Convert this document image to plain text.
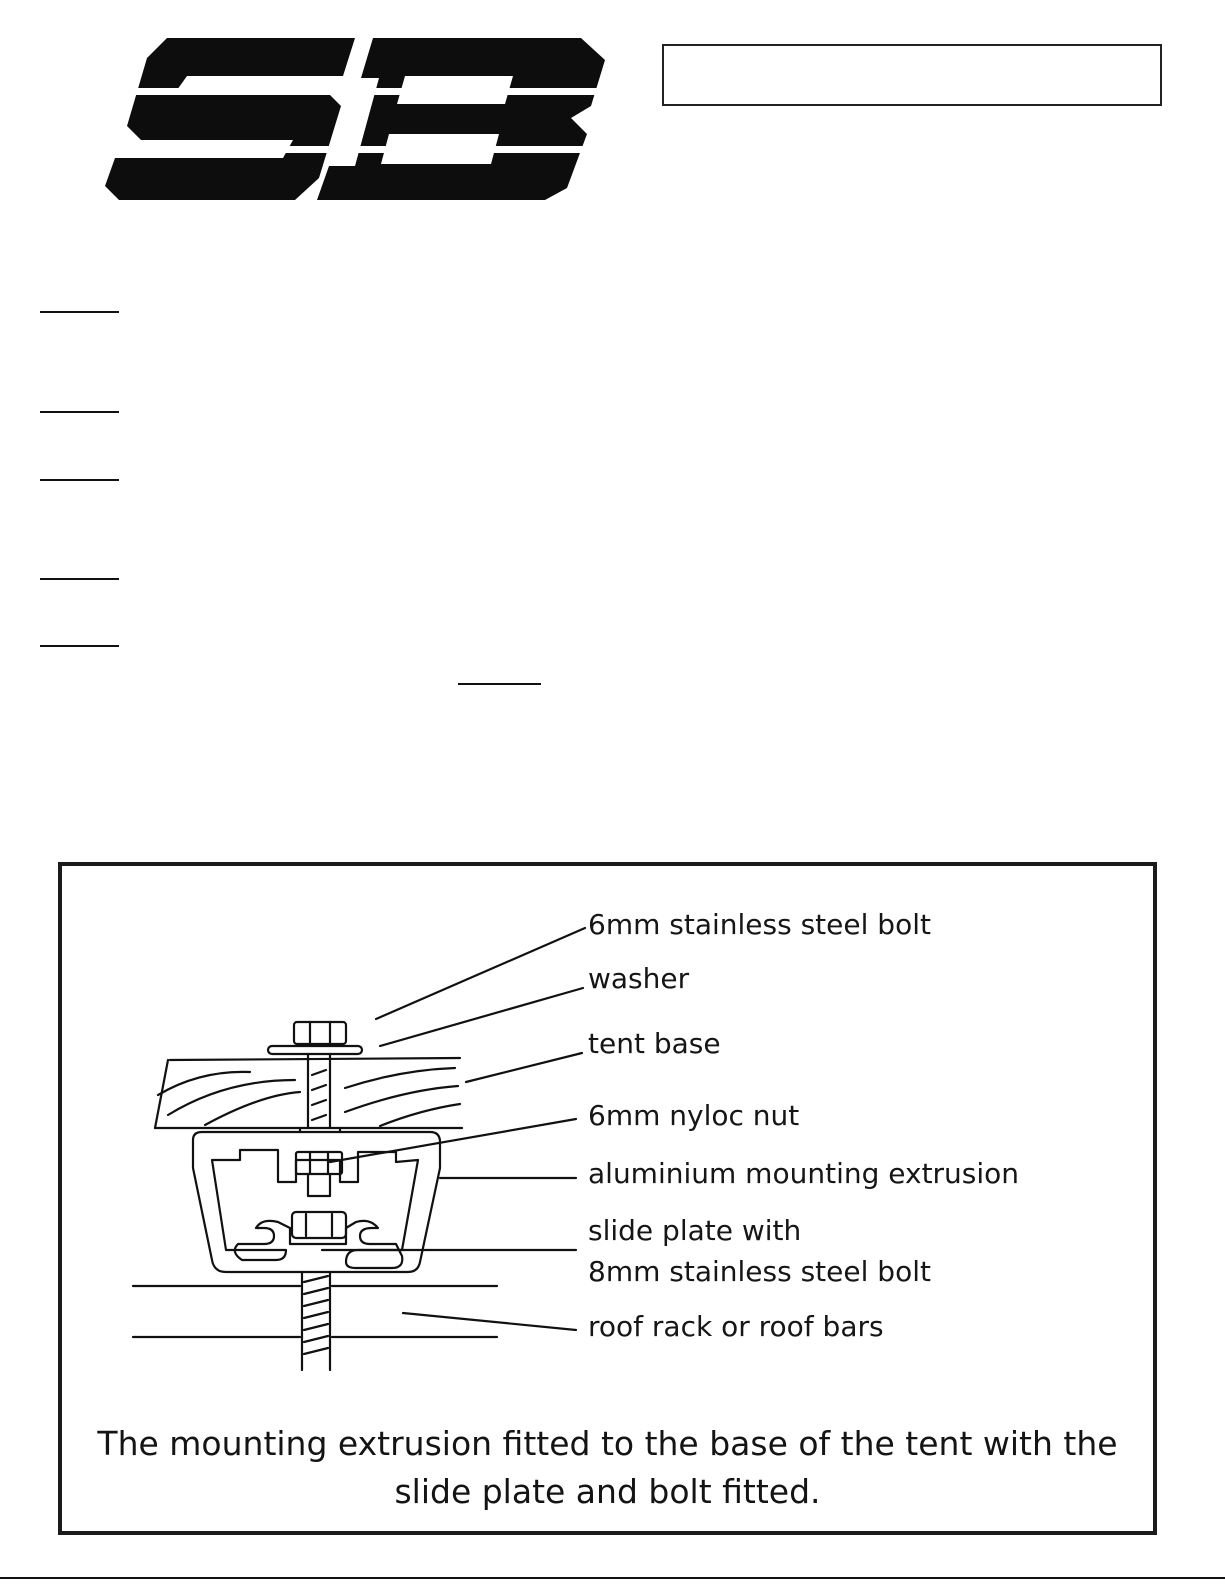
6mm stainless steel bolt
washer
tent base
6mm nyloc nut
aluminium mounting extrusion
slide plate with
8mm stainless steel bolt
roof rack or roof bars
The mounting extrusion fitted to the base of the tent with the
slide plate and bolt fitted.
